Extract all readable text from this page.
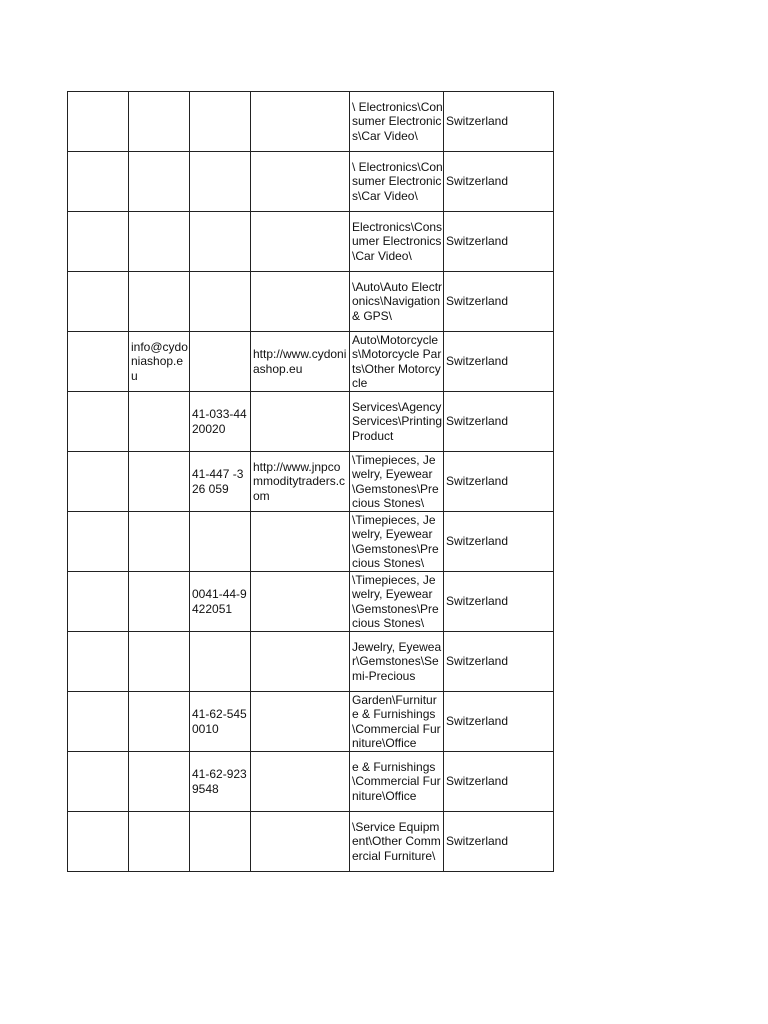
				\ Electronics\Consumer Electronics\Car Video\	Switzerland

				\ Electronics\Consumer Electronics\Car Video\	Switzerland

				Electronics\Consumer Electronics\Car Video\	Switzerland

				\Auto\Auto Electronics\Navigation & GPS\	Switzerland

	info@cydoniashop.eu		http://www.cydoniashop.eu	Auto\Motorcycles\Motorcycle Parts\Other Motorcycle	Switzerland

		41-033-4420020		Services\Agency Services\Printing Product	Switzerland

		41-447 -326 059	http://www.jnpcommoditytraders.com	\Timepieces, Jewelry, Eyewear\Gemstones\Precious Stones\	Switzerland

				\Timepieces, Jewelry, Eyewear\Gemstones\Precious Stones\	Switzerland

		0041-44-9422051		\Timepieces, Jewelry, Eyewear\Gemstones\Precious Stones\	Switzerland

				Jewelry, Eyewear\Gemstones\Semi-Precious	Switzerland

		41-62-5450010		Garden\Furniture & Furnishings\Commercial Furniture\Office	Switzerland

		41-62-9239548		e & Furnishings\Commercial Furniture\Office	Switzerland

				\Service Equipment\Other Commercial Furniture\	Switzerland
